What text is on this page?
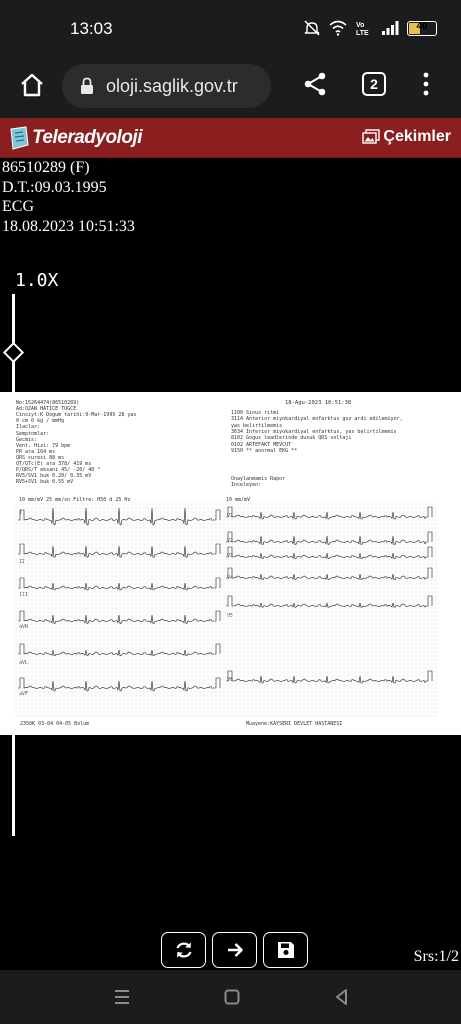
13:03	Vo
LTE
40
oloji.saglik.gov.tr	2
Teleradyoloji	Çekimler
86510289 (F)
D.T.:09.03.1995
ECG
18.08.2023 10:51:33
1.0X
No:15264474(86510289)
Ad:OZAN HATICE TUGCE
Cinsiyt:K Dogum tarihi:9-Mar-1995 28 yas
0 cm 0 kg / mmHg
Ilaclar:
Semptomlar:
Gecmis:
Vent. Hizi: 79 bpm
PR ara 164 ms
QRS suresi 88 ms
QT/QTc(E) ara 378/ 419 ms
P/QRS/T eksani 45/ -20/ 40 °
RV5/SV1 buk 0.20/ 0.35 mV
RV5+SV1 buk 0.55 mV
18-Agu-2023 10:51:38
1100 Sinus ritmi
3114 Anterior miyokardiyal enfarktus goz ardi edilemiyor,
yas belirtilmemis
3634 Inferior miyokardiyal enfarktus, yas belirtilmemis
8102 Gogus leadlerinde dusuk QRS voltaji
0102 ARTEFAKT MEVCUT
9150 ** anormal EKG **
Onaylanmamis Rapor
Inceleyen:
10 mm/mV 25 mm/sn Filtre: H50 d 25 Hz	10 mm/mV
I
II
III
aVR
aVL
aVF
V1
V2
V3
V4
V5
V6
2350K 03-04 04-05 Bolum	Muayene:KAYSERI DEVLET HASTANESI
Srs:1/2
